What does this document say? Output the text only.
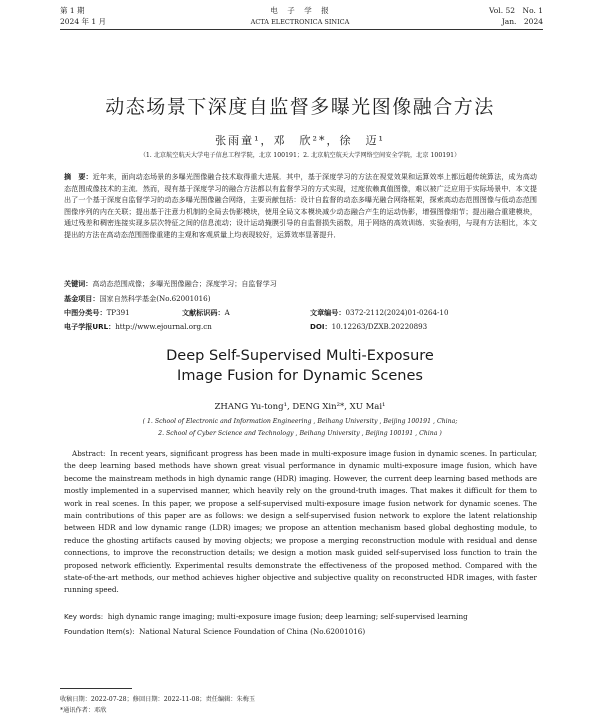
第 1 期
2024 年 1 月
电　子　学　报
ACTA ELECTRONICA SINICA
Vol. 52　No. 1
Jan.　2024
动态场景下深度自监督多曝光图像融合方法
张雨童¹，邓　欣²*，徐　迈¹
（1. 北京航空航天大学电子信息工程学院，北京 100191；2. 北京航空航天大学网络空间安全学院，北京 100191）
摘　要：近年来，面向动态场景的多曝光图像融合技术取得重大进展．其中，基于深度学习的方法在视觉效果和运算效率上都远超传统算法，成为高动态范围成像技术的主流．然而，现有基于深度学习的融合方法都以有监督学习的方式实现，过度依赖真值图像，难以被广泛应用于实际场景中．本文提出了一个基于深度自监督学习的动态多曝光图像融合网络，主要贡献包括：设计自监督的动态多曝光融合网络框架，探索高动态范围图像与低动态范围图像序列的内在关联；提出基于注意力机制的全局去伪影模块，使用全局文本模块减少动态融合产生的运动伪影，增强图像细节；提出融合重建模块，通过残差和稠密连接实现多层次特征之间的信息流动；设计运动掩膜引导的自监督损失函数，用于网络的高效训练．实验表明，与现有方法相比，本文提出的方法在高动态范围图像重建的主观和客观质量上均表现较好，运算效率显著提升．
关键词：高动态范围成像；多曝光图像融合；深度学习；自监督学习
基金项目：国家自然科学基金(No.62001016)
中图分类号：TP391	文献标识码：A	文章编号：0372-2112(2024)01-0264-10
电子学报URL：http://www.ejournal.org.cn	DOI：10.12263/DZXB.20220893
Deep Self-Supervised Multi-Exposure Image Fusion for Dynamic Scenes
ZHANG Yu-tong¹, DENG Xin²*, XU Mai¹
( 1. School of Electronic and Information Engineering , Beihang University , Beijing 100191 , China;
2. School of Cyber Science and Technology , Beihang University , Beijing 100191 , China )
Abstract: In recent years, significant progress has been made in multi-exposure image fusion in dynamic scenes. In particular, the deep learning based methods have shown great visual performance in dynamic multi-exposure image fusion, which have become the mainstream methods in high dynamic range (HDR) imaging. However, the current deep learning based methods are mostly implemented in a supervised manner, which heavily rely on the ground-truth images. That makes it difficult for them to work in real scenes. In this paper, we propose a self-supervised multi-exposure image fusion network for dynamic scenes. The main contributions of this paper are as follows: we design a self-supervised fusion network to explore the latent relationship between HDR and low dynamic range (LDR) images; we propose an attention mechanism based global deghosting module, to reduce the ghosting artifacts caused by moving objects; we propose a merging reconstruction module with residual and dense connections, to improve the reconstruction details; we design a motion mask guided self-supervised loss function to train the proposed network efficiently. Experimental results demonstrate the effectiveness of the proposed method. Compared with the state-of-the-art methods, our method achieves higher objective and subjective quality on reconstructed HDR images, with faster running speed.
Key words: high dynamic range imaging; multi-exposure image fusion; deep learning; self-supervised learning
Foundation Item(s): National Natural Science Foundation of China (No.62001016)
收稿日期：2022-07-28；修回日期：2022-11-08；责任编辑：朱梅玉
*通讯作者：邓欣
